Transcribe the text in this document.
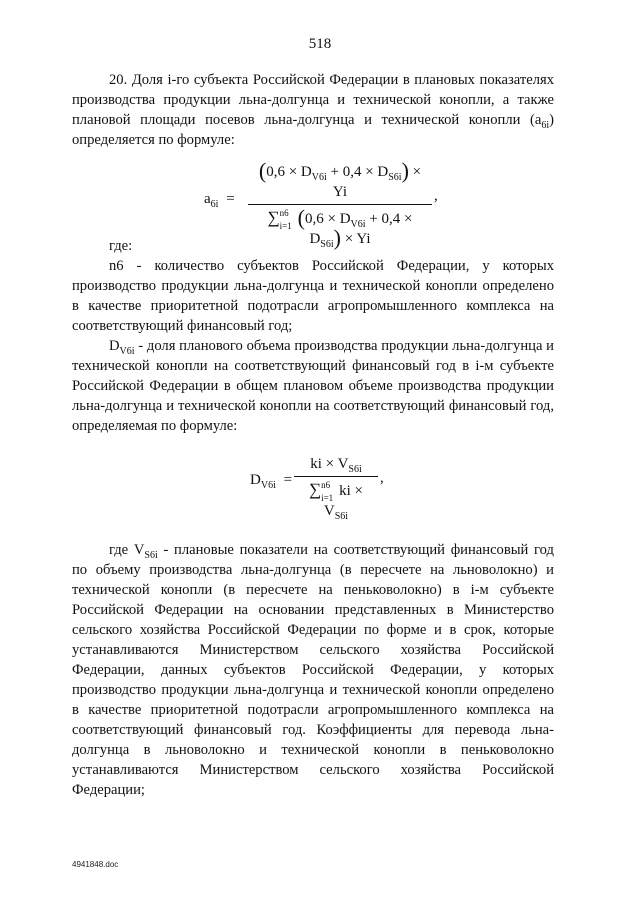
518

20. Доля i-го субъекта Российской Федерации в плановых показателях производства продукции льна-долгунца и технической конопли, а также плановой площади посевов льна-долгунца и технической конопли $(а_{6i})$ определяется по формуле:

$a_{6i}$ =
$(0,6 \times D_{V6i} + 0,4 \times D_{S6i}) \times Yi$
∑ n6
i=1 $(0,6 \times D_{V6i} + 0,4 \times D_{S6i}) \times Yi$
,

где:

n6 - количество субъектов Российской Федерации, у которых производство продукции льна-долгунца и технической конопли определено в качестве приоритетной подотрасли агропромышленного комплекса на соответствующий финансовый год;

$D_{V6i}$ - доля планового объема производства продукции льна-долгунца и технической конопли на соответствующий финансовый год в i-м субъекте Российской Федерации в общем плановом объеме производства продукции льна-долгунца и технической конопли на соответствующий финансовый год, определяемая по формуле:

$D_{V6i}$ =
ki × $V_{S6i}$
∑ n6
i=1 ki × $V_{S6i}$
,

где $V_{S6i}$ - плановые показатели на соответствующий финансовый год по объему производства льна-долгунца (в пересчете на льноволокно) и технической конопли (в пересчете на пеньковолокно) в i-м субъекте Российской Федерации на основании представленных в Министерство сельского хозяйства Российской Федерации по форме и в срок, которые устанавливаются Министерством сельского хозяйства Российской Федерации, данных субъектов Российской Федерации, у которых производство продукции льна-долгунца и технической конопли определено в качестве приоритетной подотрасли агропромышленного комплекса на соответствующий финансовый год. Коэффициенты для перевода льна-долгунца в льноволокно и технической конопли в пеньковолокно устанавливаются Министерством сельского хозяйства Российской Федерации;

4941848.doc
